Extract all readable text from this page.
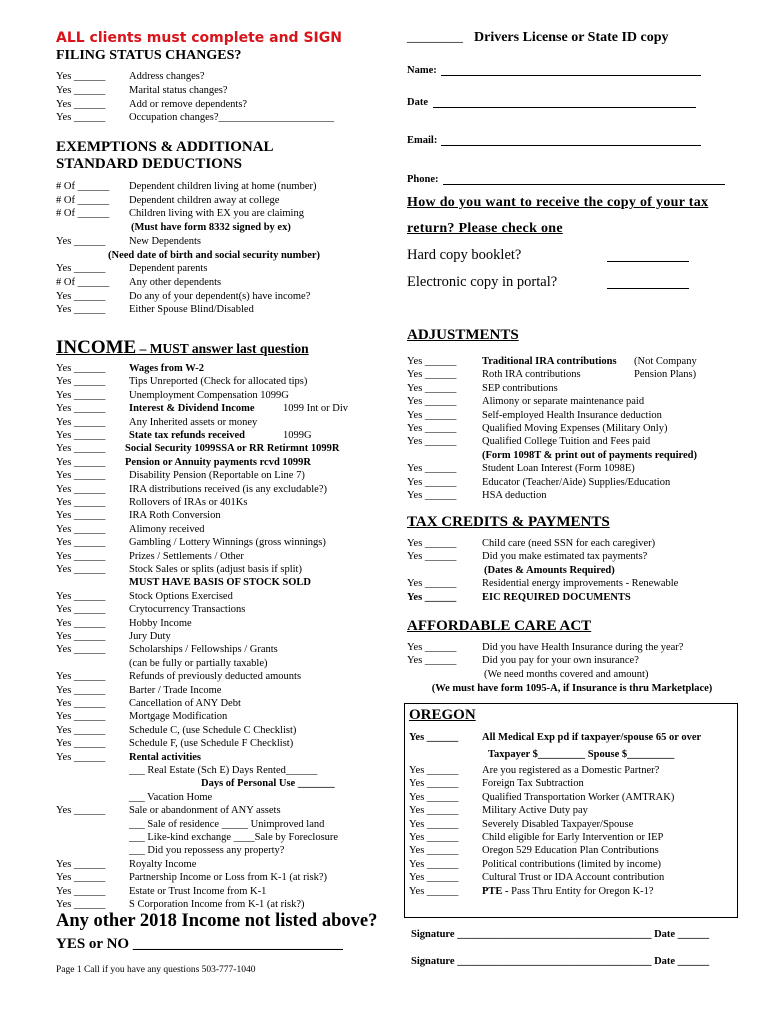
ALL clients must complete and SIGN
FILING STATUS CHANGES?
Yes ______ Address changes?
Yes ______ Marital status changes?
Yes ______ Add or remove dependents?
Yes ______ Occupation changes?______________________
EXEMPTIONS & ADDITIONAL
STANDARD DEDUCTIONS
# Of ______ Dependent children living at home (number)
# Of ______ Dependent children away at college
# Of ______ Children living with EX you are claiming
(Must have form 8332 signed by ex)
Yes ______ New Dependents
(Need date of birth and social security number)
Yes ______ Dependent parents
# Of ______ Any other dependents
Yes ______ Do any of your dependent(s) have income?
Yes ______ Either Spouse Blind/Disabled
INCOME – MUST answer last question
Yes ______ Wages from W-2
Yes ______ Tips Unreported (Check for allocated tips)
Yes ______ Unemployment Compensation 1099G
Yes ______ Interest & Dividend Income	1099 Int or Div
Yes ______ Any Inherited assets or money
Yes ______ State tax refunds received	1099G
Yes ______ Social Security 1099SSA or RR Retirmnt 1099R
Yes ______ Pension or Annuity payments rcvd 1099R
Yes ______ Disability Pension (Reportable on Line 7)
Yes ______ IRA distributions received (is any excludable?)
Yes ______ Rollovers of IRAs or 401Ks
Yes ______ IRA Roth Conversion
Yes ______ Alimony received
Yes ______ Gambling / Lottery Winnings (gross winnings)
Yes ______ Prizes / Settlements / Other
Yes ______ Stock Sales or splits (adjust basis if split)
MUST HAVE BASIS OF STOCK SOLD
Yes ______ Stock Options Exercised
Yes ______ Crytocurrency Transactions
Yes ______ Hobby Income
Yes ______ Jury Duty
Yes ______ Scholarships / Fellowships / Grants
(can be fully or partially taxable)
Yes ______ Refunds of previously deducted amounts
Yes ______ Barter / Trade Income
Yes ______ Cancellation of ANY Debt
Yes ______ Mortgage Modification
Yes ______ Schedule C, (use Schedule C Checklist)
Yes ______ Schedule F, (use Schedule F Checklist)
Yes ______ Rental activities
___ Real Estate (Sch E) Days Rented______
Days of Personal Use _______
___ Vacation Home
Yes ______ Sale or abandonment of ANY assets
___ Sale of residence _____ Unimproved land
___ Like-kind exchange ____Sale by Foreclosure
___ Did you repossess any property?
Yes ______ Royalty Income
Yes ______ Partnership Income or Loss from K-1 (at risk?)
Yes ______ Estate or Trust Income from K-1
Yes ______ S Corporation Income from K-1 (at risk?)
Any other 2018 Income not listed above?
YES or NO ____________________________
Page 1 Call if you have any questions 503-777-1040
________ Drivers License or State ID copy
Name:
Date
Email:
Phone:
How do you want to receive the copy of your tax
return? Please check one
Hard copy booklet?
Electronic copy in portal?
ADJUSTMENTS
Yes ______ Traditional IRA contributions (Not Company
Yes ______ Roth IRA contributions	Pension Plans)
Yes ______ SEP contributions
Yes ______ Alimony or separate maintenance paid
Yes ______ Self-employed Health Insurance deduction
Yes ______ Qualified Moving Expenses (Military Only)
Yes ______ Qualified College Tuition and Fees paid
(Form 1098T & print out of payments required)
Yes ______ Student Loan Interest (Form 1098E)
Yes ______ Educator (Teacher/Aide) Supplies/Education
Yes ______ HSA deduction
TAX CREDITS & PAYMENTS
Yes ______ Child care (need SSN for each caregiver)
Yes ______ Did you make estimated tax payments?
(Dates & Amounts Required)
Yes ______ Residential energy improvements - Renewable
Yes ______ EIC REQUIRED DOCUMENTS
AFFORDABLE CARE ACT
Yes ______ Did you have Health Insurance during the year?
Yes ______ Did you pay for your own insurance?
(We need months covered and amount)
(We must have form 1095-A, if Insurance is thru Marketplace)
OREGON
Yes ______ All Medical Exp pd if taxpayer/spouse 65 or over
Taxpayer $_________ Spouse $_________
Yes ______ Are you registered as a Domestic Partner?
Yes ______ Foreign Tax Subtraction
Yes ______ Qualified Transportation Worker (AMTRAK)
Yes ______ Military Active Duty pay
Yes ______ Severely Disabled Taxpayer/Spouse
Yes ______ Child eligible for Early Intervention or IEP
Yes ______ Oregon 529 Education Plan Contributions
Yes ______ Political contributions (limited by income)
Yes ______ Cultural Trust or IDA Account contribution
Yes ______ PTE - Pass Thru Entity for Oregon K-1?
Signature _____________________________________ Date ______
Signature _____________________________________ Date ______
